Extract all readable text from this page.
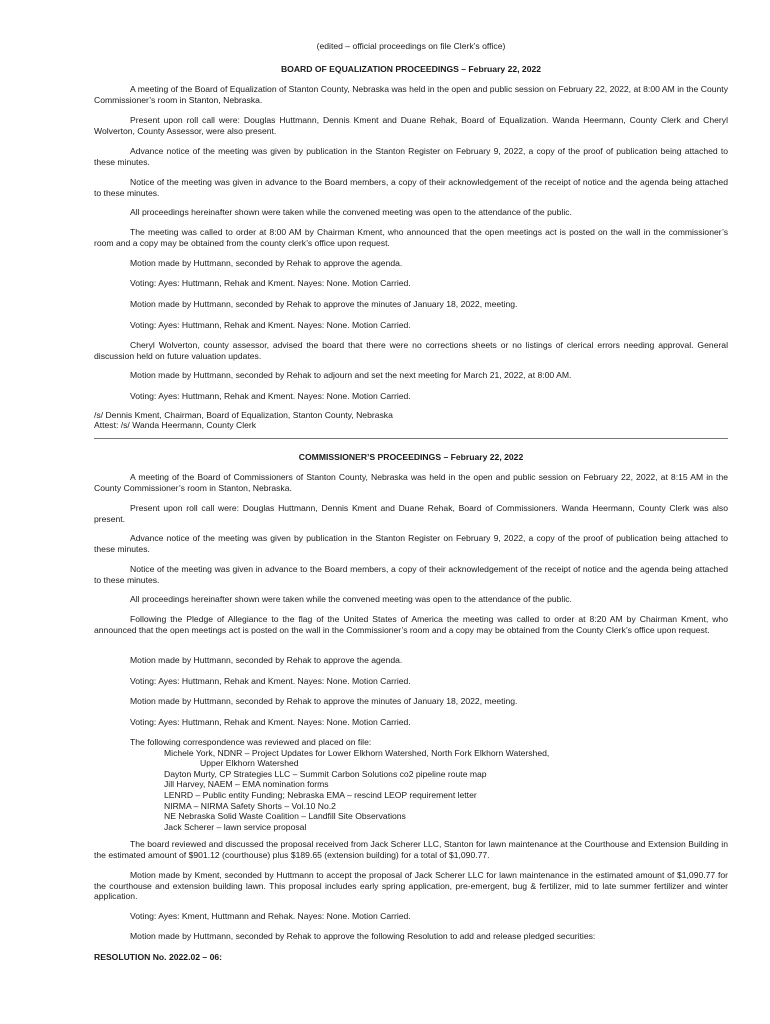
(edited – official proceedings on file Clerk’s office)

BOARD OF EQUALIZATION PROCEEDINGS – February 22, 2022

A meeting of the Board of Equalization of Stanton County, Nebraska was held in the open and public session on February 22, 2022, at 8:00 AM in the County Commissioner’s room in Stanton, Nebraska.

Present upon roll call were: Douglas Huttmann, Dennis Kment and Duane Rehak, Board of Equalization. Wanda Heermann, County Clerk and Cheryl Wolverton, County Assessor, were also present.

Advance notice of the meeting was given by publication in the Stanton Register on February 9, 2022, a copy of the proof of publication being attached to these minutes.

Notice of the meeting was given in advance to the Board members, a copy of their acknowledgement of the receipt of notice and the agenda being attached to these minutes.

All proceedings hereinafter shown were taken while the convened meeting was open to the attendance of the public.

The meeting was called to order at 8:00 AM by Chairman Kment, who announced that the open meetings act is posted on the wall in the commissioner’s room and a copy may be obtained from the county clerk’s office upon request.

Motion made by Huttmann, seconded by Rehak to approve the agenda.

Voting: Ayes: Huttmann, Rehak and Kment. Nayes: None. Motion Carried.

Motion made by Huttmann, seconded by Rehak to approve the minutes of January 18, 2022, meeting.

Voting: Ayes: Huttmann, Rehak and Kment. Nayes: None. Motion Carried.

Cheryl Wolverton, county assessor, advised the board that there were no corrections sheets or no listings of clerical errors needing approval. General discussion held on future valuation updates.

Motion made by Huttmann, seconded by Rehak to adjourn and set the next meeting for March 21, 2022, at 8:00 AM.

Voting: Ayes: Huttmann, Rehak and Kment. Nayes: None. Motion Carried.

/s/ Dennis Kment, Chairman, Board of Equalization, Stanton County, Nebraska

Attest: /s/ Wanda Heermann, County Clerk

COMMISSIONER’S PROCEEDINGS – February 22, 2022

A meeting of the Board of Commissioners of Stanton County, Nebraska was held in the open and public session on February 22, 2022, at 8:15 AM in the County Commissioner’s room in Stanton, Nebraska.

Present upon roll call were: Douglas Huttmann, Dennis Kment and Duane Rehak, Board of Commissioners. Wanda Heermann, County Clerk was also present.

Advance notice of the meeting was given by publication in the Stanton Register on February 9, 2022, a copy of the proof of publication being attached to these minutes.

Notice of the meeting was given in advance to the Board members, a copy of their acknowledgement of the receipt of notice and the agenda being attached to these minutes.

All proceedings hereinafter shown were taken while the convened meeting was open to the attendance of the public.

Following the Pledge of Allegiance to the flag of the United States of America the meeting was called to order at 8:20 AM by Chairman Kment, who announced that the open meetings act is posted on the wall in the Commissioner’s room and a copy may be obtained from the County Clerk’s office upon request.

Motion made by Huttmann, seconded by Rehak to approve the agenda.

Voting: Ayes: Huttmann, Rehak and Kment. Nayes: None. Motion Carried.

Motion made by Huttmann, seconded by Rehak to approve the minutes of January 18, 2022, meeting.

Voting: Ayes: Huttmann, Rehak and Kment. Nayes: None. Motion Carried.

The following correspondence was reviewed and placed on file:

Michele York, NDNR – Project Updates for Lower Elkhorn Watershed, North Fork Elkhorn Watershed,

Upper Elkhorn Watershed

Dayton Murty, CP Strategies LLC – Summit Carbon Solutions co2 pipeline route map

Jill Harvey, NAEM – EMA nomination forms

LENRD – Public entity Funding; Nebraska EMA – rescind LEOP requirement letter

NIRMA – NIRMA Safety Shorts – Vol.10 No.2

NE Nebraska Solid Waste Coalition – Landfill Site Observations

Jack Scherer – lawn service proposal

The board reviewed and discussed the proposal received from Jack Scherer LLC, Stanton for lawn maintenance at the Courthouse and Extension Building in the estimated amount of $901.12 (courthouse) plus $189.65 (extension building) for a total of $1,090.77.

Motion made by Kment, seconded by Huttmann to accept the proposal of Jack Scherer LLC for lawn maintenance in the estimated amount of $1,090.77 for the courthouse and extension building lawn. This proposal includes early spring application, pre-emergent, bug & fertilizer, mid to late summer fertilizer and winter application.

Voting: Ayes: Kment, Huttmann and Rehak. Nayes: None. Motion Carried.

Motion made by Huttmann, seconded by Rehak to approve the following Resolution to add and release pledged securities:

RESOLUTION No. 2022.02 – 06:
